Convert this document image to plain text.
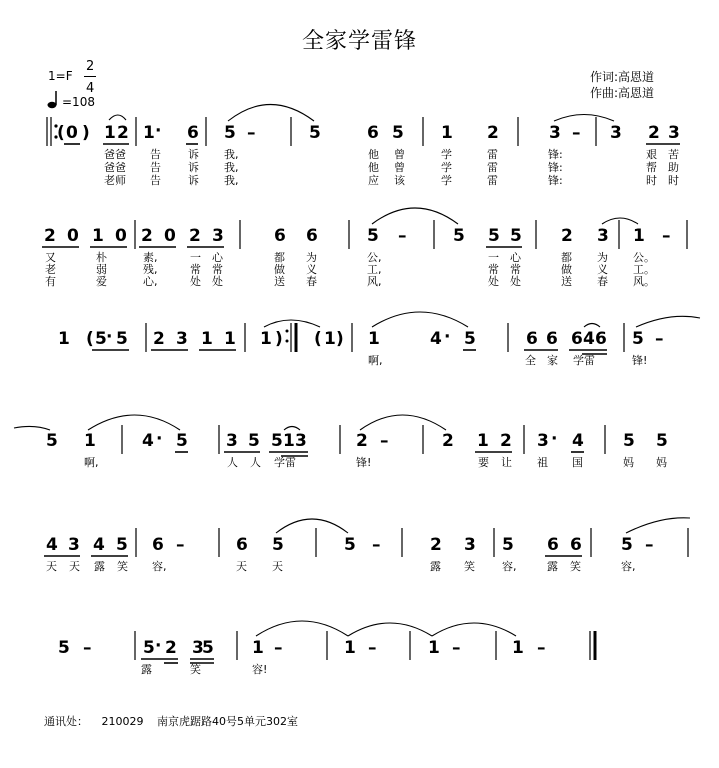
全家学雷锋
1=F
2
4
=108
作词:高恩道
作曲:高恩道
( 0 ) 1 2 1 · 6 5 –	5	6 5 1 2	3 – 3 2 3
爸爸 告 诉 我,	他 曾	学	雷	锋:	艰 苦
爸爸 告 诉 我,	他 曾	学	雷	锋:	帮 助
老师 告 诉 我,	应 该	学	雷	锋:	时 时
2 0 1 0 2 0 2 3	6 6	5 –	5 5 5 2 3 1 –
又	朴	素,	一 心	都 为	公,	一 心	都 为 公。
老	弱	残,	常 常	做 义	工,	常 常	做 义 工。
有	爱	心,	处 处	送 春	风,	处 处	送 春 风。
1 ( 5 · 5 2 3 1 1 1 ) ( 1 ) 1	4 · 5	6 6 6 4 6 5 –
啊,	全 家 学雷	锋!
5 1	4 · 5 3 5 5 1 3	2 –	2 1 2 3 · 4 5 5
啊,	人 人 学雷	锋!	要 让 祖 国	妈 妈
4 3 4 5 6 –	6 5	5 –	2 3 5 6 6 5 –
天 天 露 笑 容,	天 天	露 笑 容,	露 笑	容,
5 –	5 · 2 3
5 1 –	1 –	1 –	1 –
露	笑	容!
通讯处： 210029 南京虎踞路40号5单元302室
